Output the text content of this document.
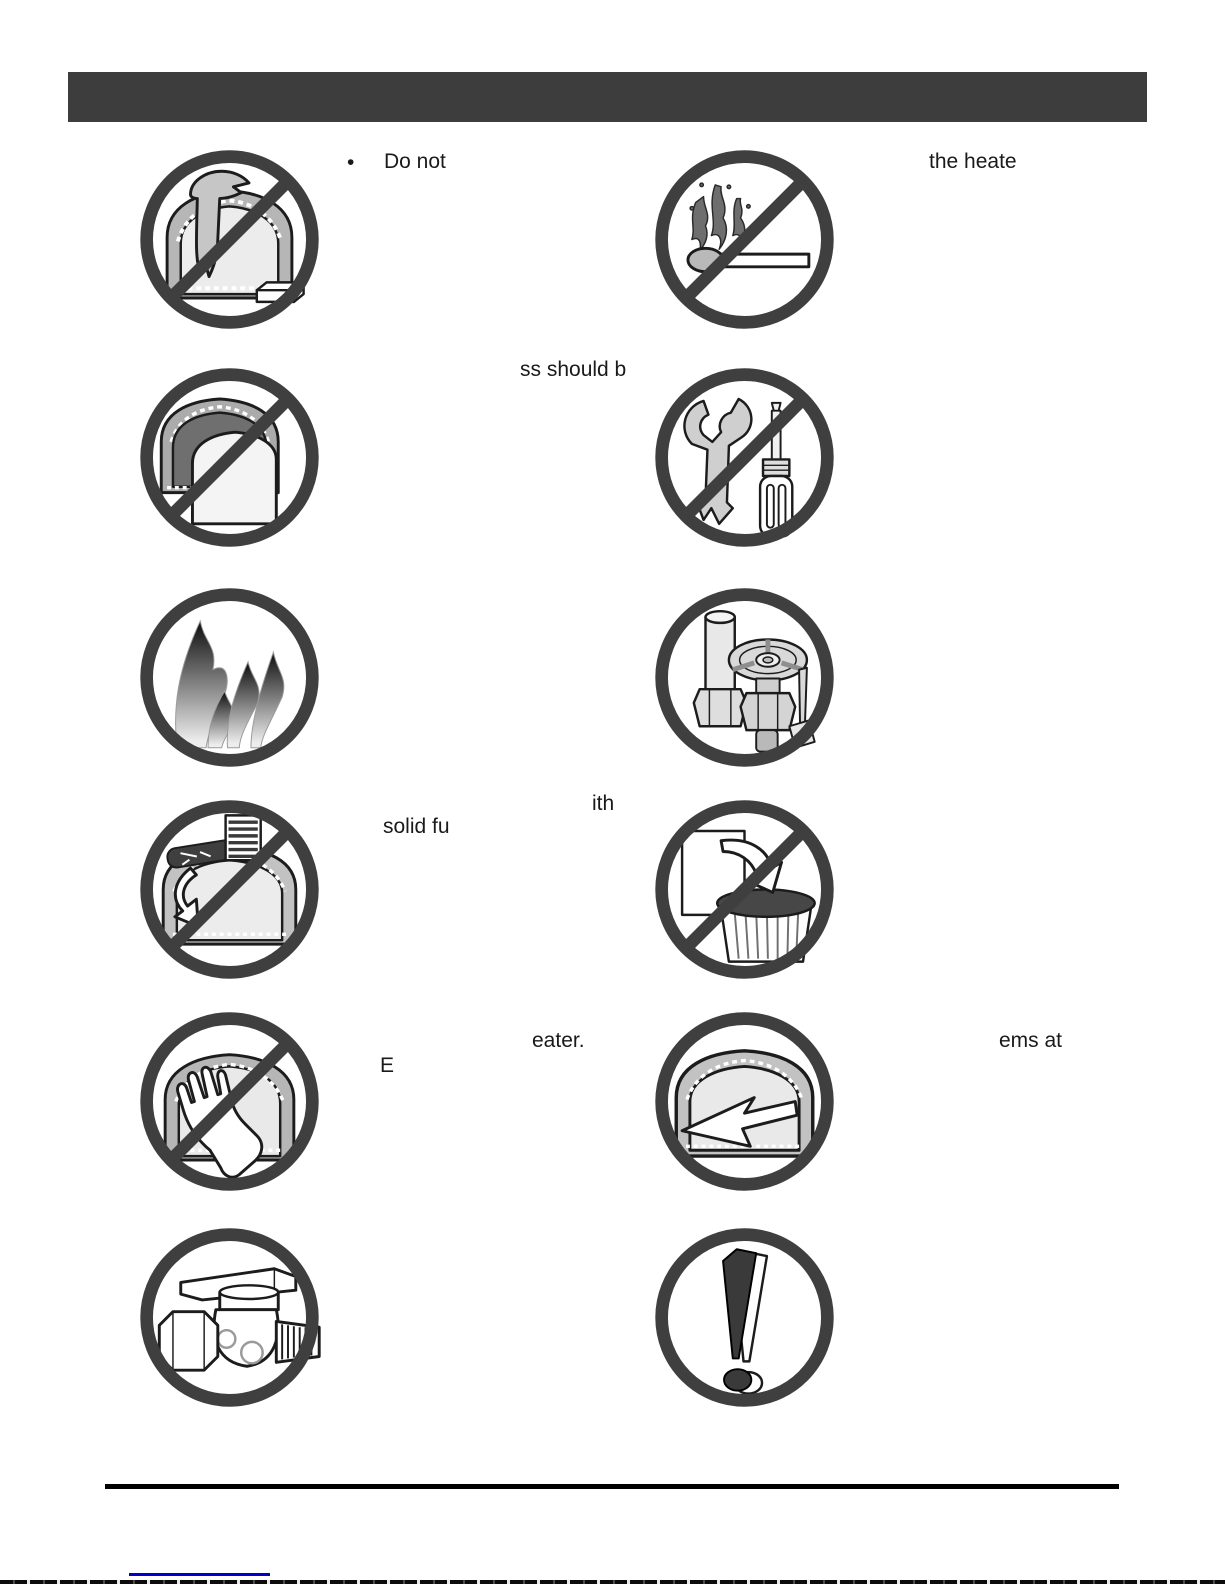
• Do not	the heate
ss should b
ith
solid fu
eater.
E
ems at
